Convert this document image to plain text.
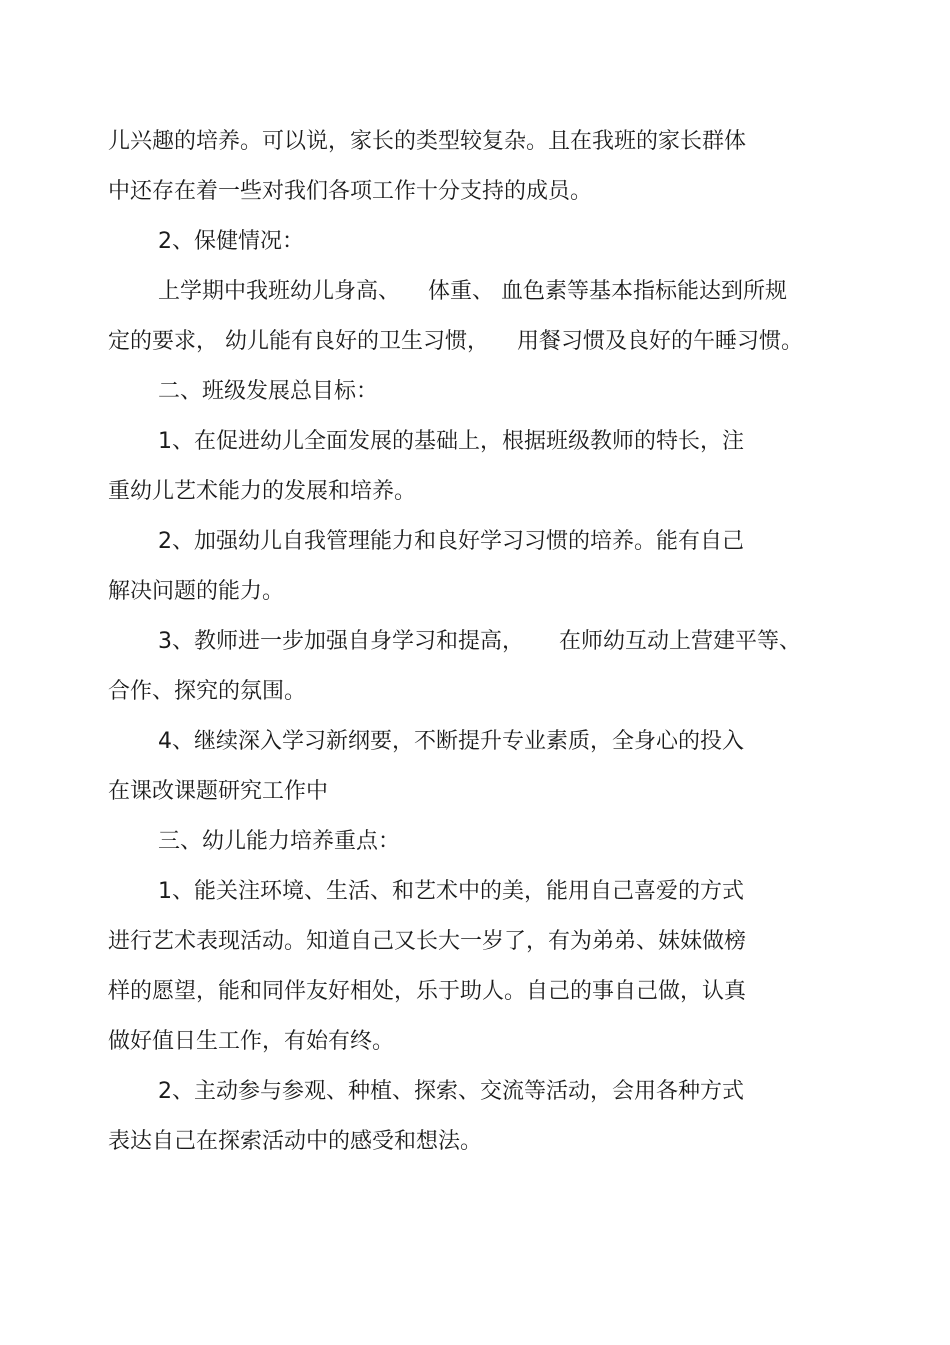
儿兴趣的培养。可以说，家长的类型较复杂。且在我班的家长群体
中还存在着一些对我们各项工作十分支持的成员。
2、保健情况：
上学期中我班幼儿身高、    体重、 血色素等基本指标能达到所规
定的要求， 幼儿能有良好的卫生习惯，    用餐习惯及良好的午睡习惯。
二、班级发展总目标：
1、在促进幼儿全面发展的基础上，根据班级教师的特长，注
重幼儿艺术能力的发展和培养。
2、加强幼儿自我管理能力和良好学习习惯的培养。能有自己
解决问题的能力。
3、教师进一步加强自身学习和提高，     在师幼互动上营建平等、
合作、探究的氛围。
4、继续深入学习新纲要，不断提升专业素质，全身心的投入
在课改课题研究工作中
三、幼儿能力培养重点：
1、能关注环境、生活、和艺术中的美，能用自己喜爱的方式
进行艺术表现活动。知道自己又长大一岁了，有为弟弟、妹妹做榜
样的愿望，能和同伴友好相处，乐于助人。自己的事自己做，认真
做好值日生工作，有始有终。
2、主动参与参观、种植、探索、交流等活动，会用各种方式
表达自己在探索活动中的感受和想法。
